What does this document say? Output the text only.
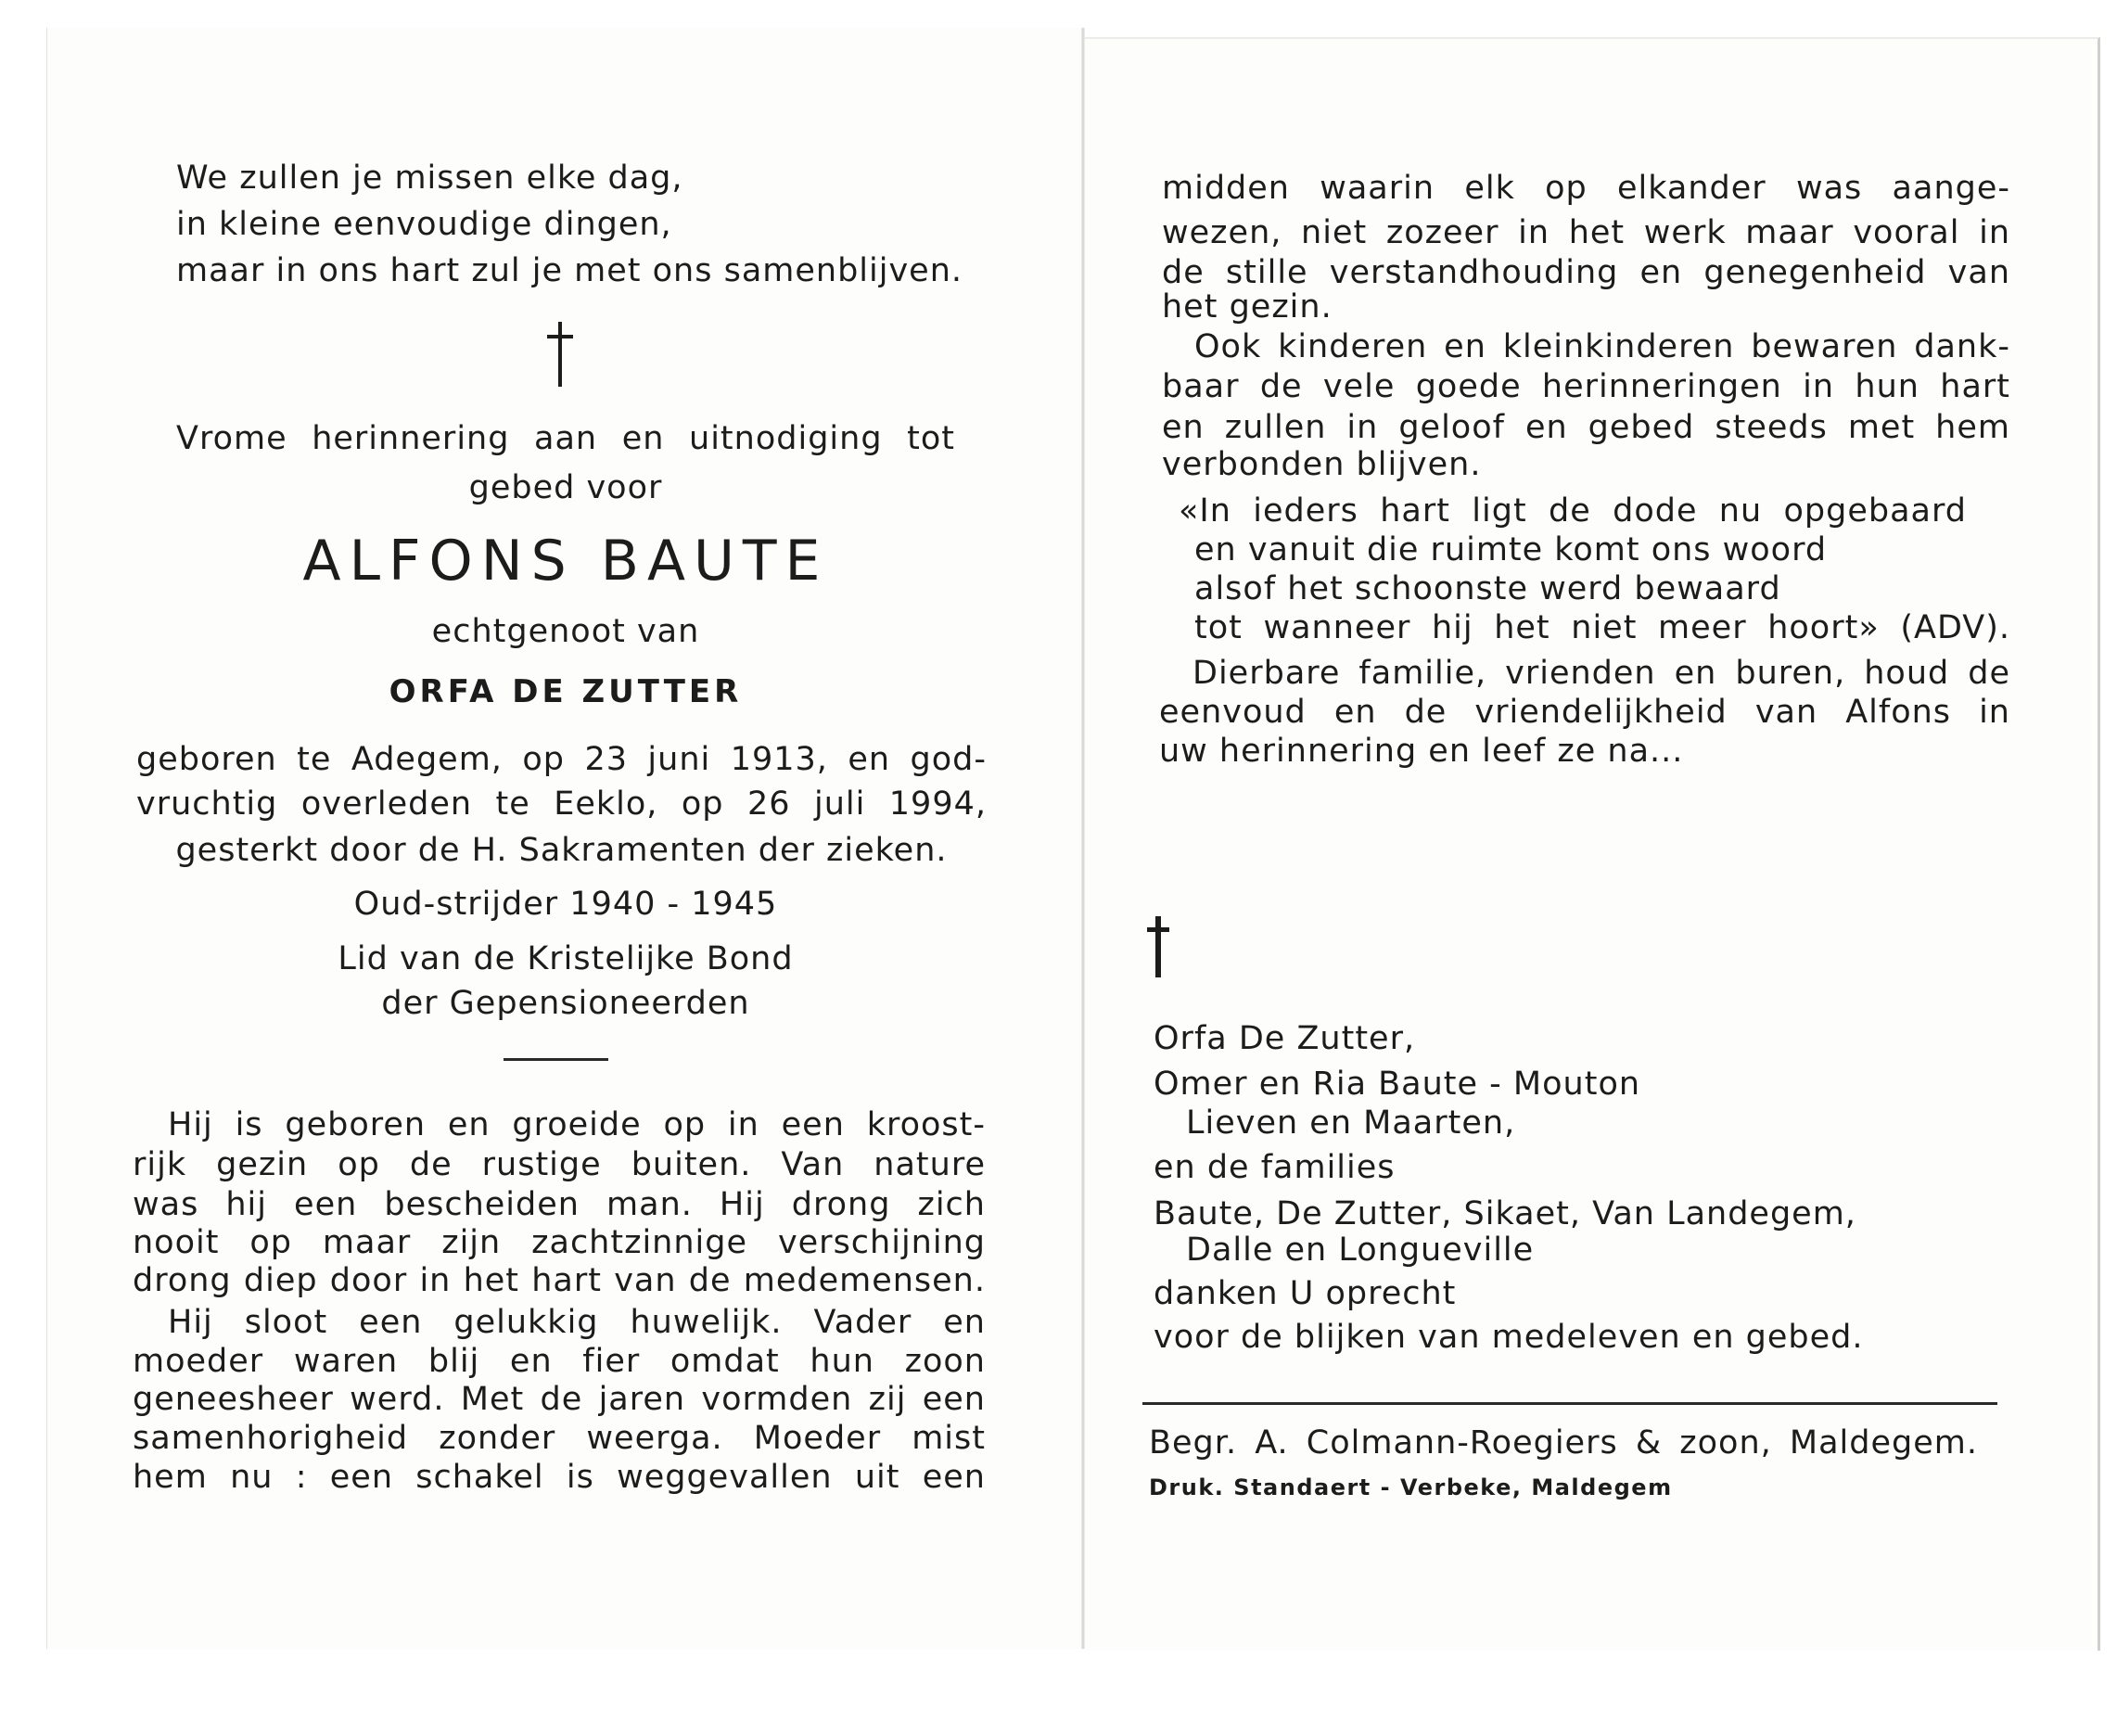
We zullen je missen elke dag,
in kleine eenvoudige dingen,
maar in ons hart zul je met ons samenblijven.
Vrome herinnering aan en uitnodiging tot
gebed voor
ALFONS BAUTE
echtgenoot van
ORFA DE ZUTTER
geboren te Adegem, op 23 juni 1913, en god-
vruchtig overleden te Eeklo, op 26 juli 1994,
gesterkt door de H. Sakramenten der zieken.
Oud-strijder 1940 - 1945
Lid van de Kristelijke Bond
der Gepensioneerden
Hij is geboren en groeide op in een kroost-
rijk gezin op de rustige buiten. Van nature
was hij een bescheiden man. Hij drong zich
nooit op maar zijn zachtzinnige verschijning
drong diep door in het hart van de medemensen.
Hij sloot een gelukkig huwelijk. Vader en
moeder waren blij en fier omdat hun zoon
geneesheer werd. Met de jaren vormden zij een
samenhorigheid zonder weerga. Moeder mist
hem nu : een schakel is weggevallen uit een
midden waarin elk op elkander was aange-
wezen, niet zozeer in het werk maar vooral in
de stille verstandhouding en genegenheid van
het gezin.
Ook kinderen en kleinkinderen bewaren dank-
baar de vele goede herinneringen in hun hart
en zullen in geloof en gebed steeds met hem
verbonden blijven.
«In ieders hart ligt de dode nu opgebaard
en vanuit die ruimte komt ons woord
alsof het schoonste werd bewaard
tot wanneer hij het niet meer hoort» (ADV).
Dierbare familie, vrienden en buren, houd de
eenvoud en de vriendelijkheid van Alfons in
uw herinnering en leef ze na...
Orfa De Zutter,
Omer en Ria Baute - Mouton
Lieven en Maarten,
en de families
Baute, De Zutter, Sikaet, Van Landegem,
Dalle en Longueville
danken U oprecht
voor de blijken van medeleven en gebed.
Begr. A. Colmann-Roegiers & zoon, Maldegem.
Druk. Standaert - Verbeke, Maldegem
